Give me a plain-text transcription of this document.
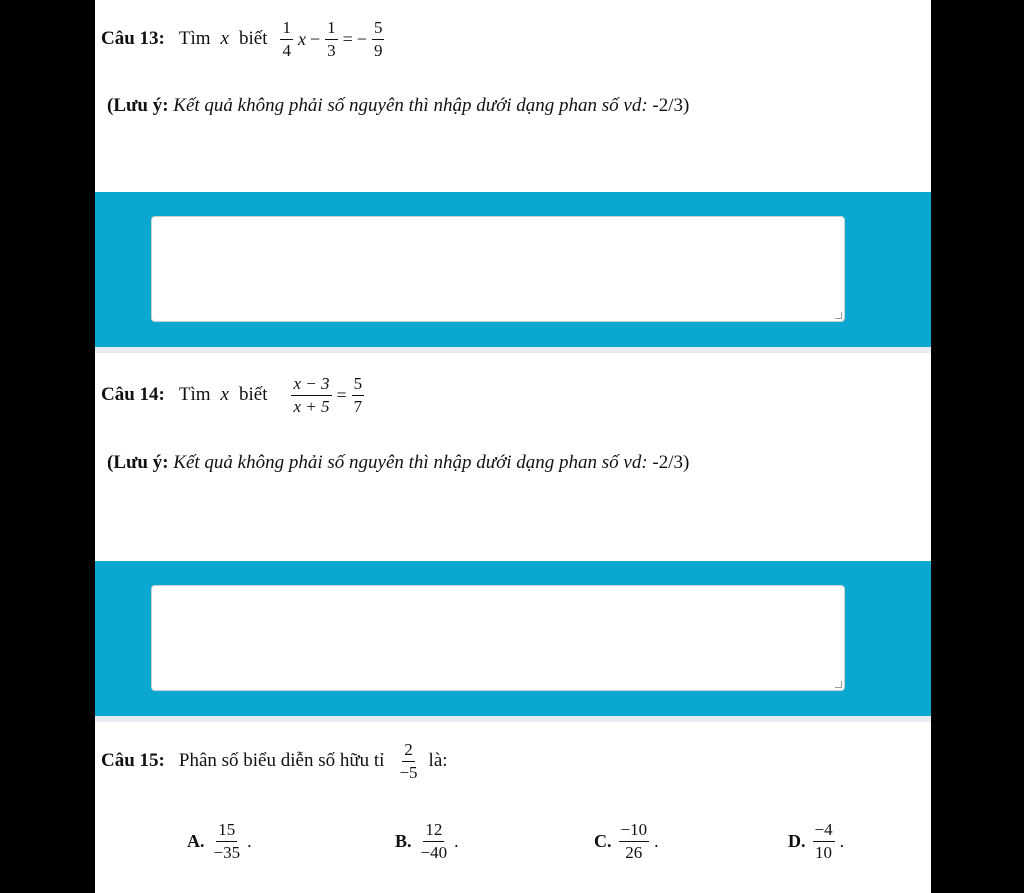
Câu 13: Tìm x biết $\frac{1}{4}$ $x - \frac{1}{3}$ = − $\frac{5}{9}$
(Lưu ý: Kết quả không phải số nguyên thì nhập dưới dạng phan số vd: -2/3)
Câu 14: Tìm x biết $\frac{x - 3}{x + 5} = \frac{5}{7}$
(Lưu ý: Kết quả không phải số nguyên thì nhập dưới dạng phan số vd: -2/3)
Câu 15: Phân số biểu diễn số hữu tỉ $\frac{2}{-5}$ là:
A. $\frac{15}{-35}$ .	B. $\frac{12}{-40}$ .	C. $\frac{-10}{26}$ .	D. $\frac{-4}{10}$ .
